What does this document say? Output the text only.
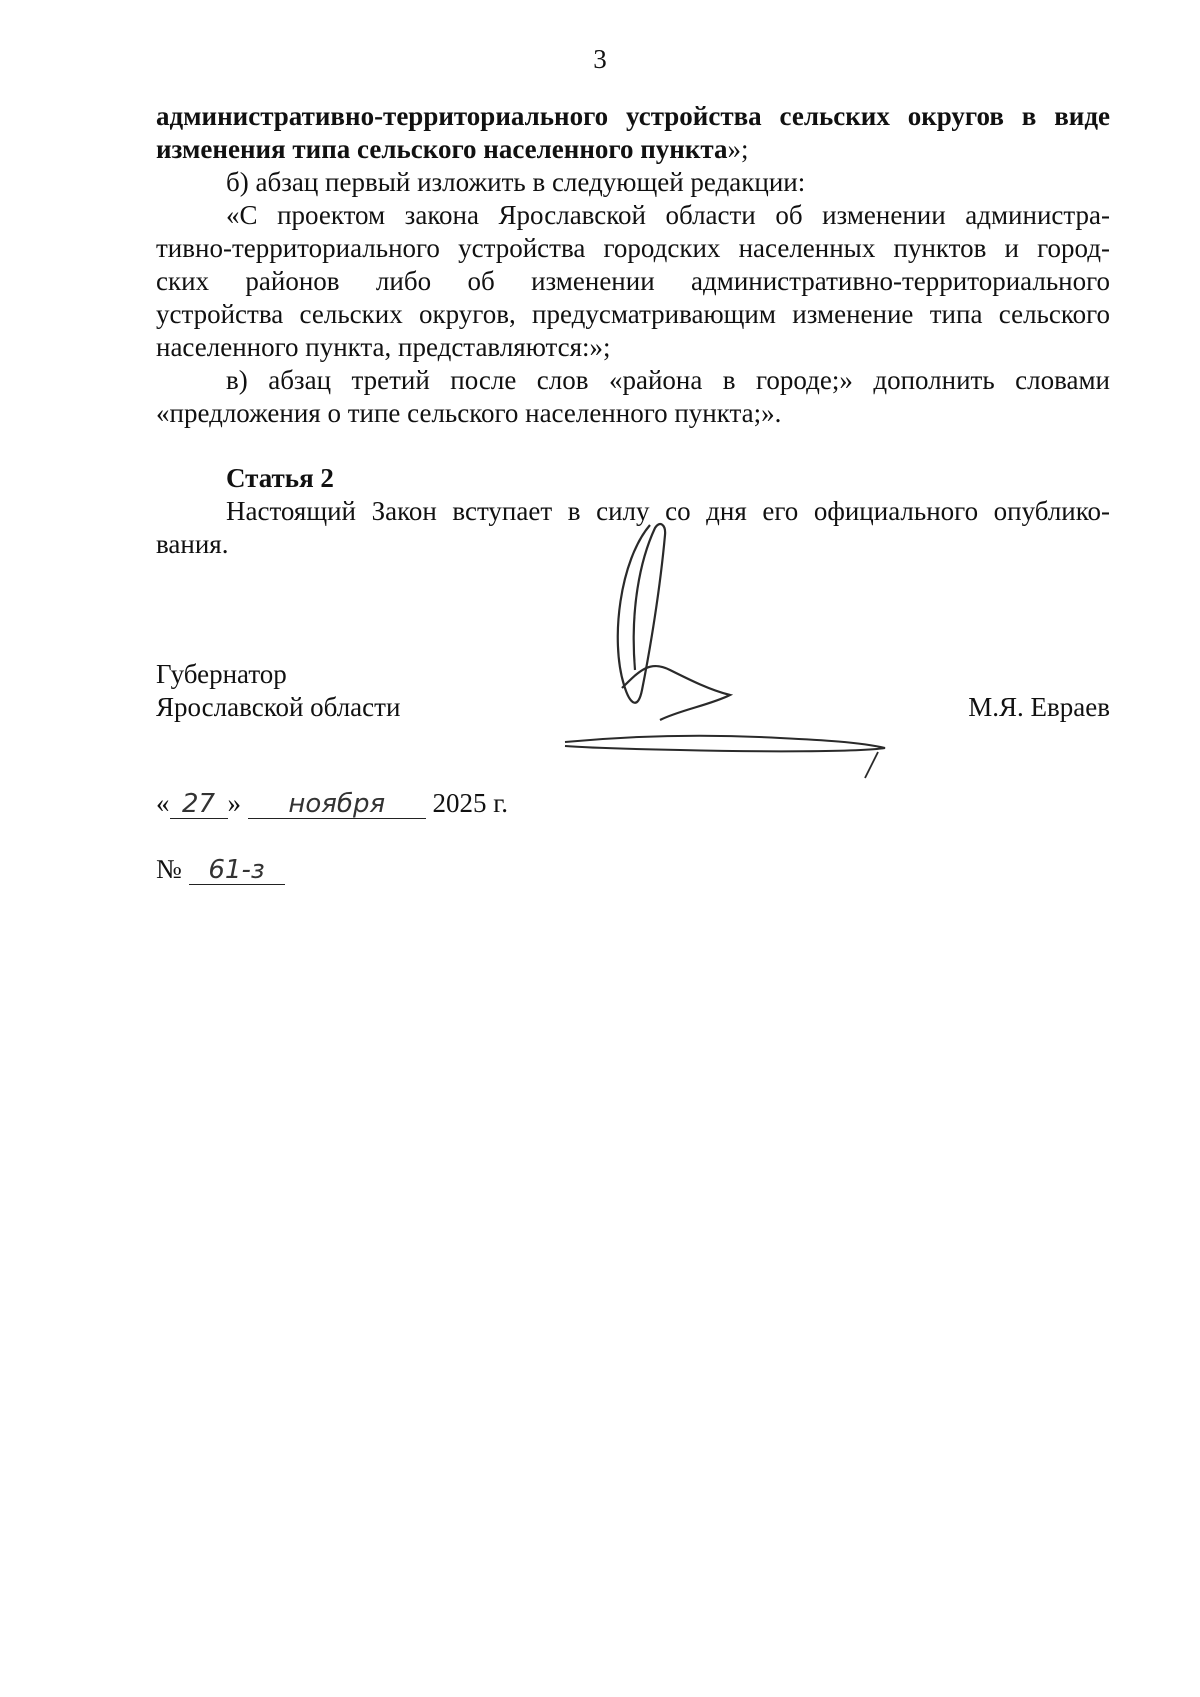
3
административно-территориального устройства сельских округов в виде
изменения типа сельского населенного пункта»;
б) абзац первый изложить в следующей редакции:
«С проектом закона Ярославской области об изменении администра-
тивно-территориального устройства городских населенных пунктов и город-
ских районов либо об изменении административно-территориального
устройства сельских округов, предусматривающим изменение типа сельского
населенного пункта, представляются:»;
в) абзац третий после слов «района в городе;» дополнить словами
«предложения о типе сельского населенного пункта;».
Статья 2
Настоящий Закон вступает в силу со дня его официального опублико-
вания.
Губернатор
Ярославской области	М.Я. Евраев
« 27 » ноября 2025 г.
№ 61-з
